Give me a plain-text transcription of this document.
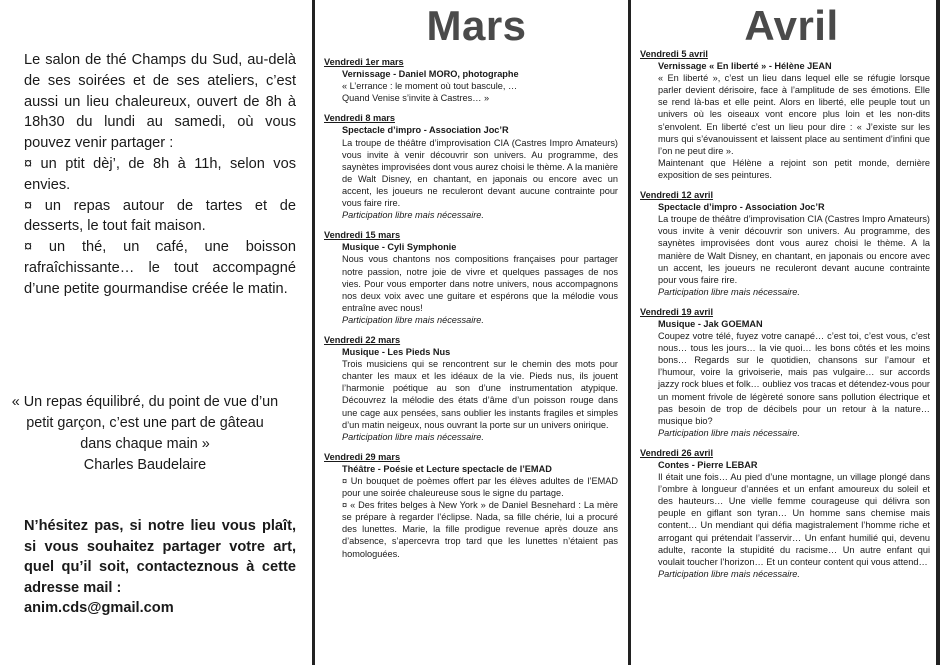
Le salon de thé Champs du Sud, au-delà de ses soirées et de ses ateliers, c’est aussi un lieu chaleureux, ouvert de 8h à 18h30 du lundi au samedi, où vous pouvez venir partager :

¤ un ptit dèj’, de 8h à 11h, selon vos envies.

¤ un repas autour de tartes et de desserts, le tout fait maison.

¤ un thé, un café, une boisson rafraîchissante… le tout accompagné d’une petite gourmandise créée le matin.

« Un repas équilibré, du point de vue d’un petit garçon, c’est une part de gâteau dans chaque main »
Charles Baudelaire
N’hésitez pas, si notre lieu vous plaît, si vous souhaitez partager votre art, quel qu’il soit, contacteznous à cette adresse mail :
anim.cds@gmail.com
Mars
Vendredi 1er mars
Vernissage - Daniel MORO, photographe

« L’errance : le moment où tout bascule, …

Quand Venise s’invite à Castres… »

Vendredi 8 mars
Spectacle d’impro - Association Joc’R

La troupe de théâtre d’improvisation CIA (Castres Impro Amateurs) vous invite à venir découvrir son univers. Au programme, des saynètes improvisées dont vous aurez choisi le thème. A la manière de Walt Disney, en chantant, en japonais ou encore avec un accent, les joueurs ne reculeront devant aucune contrainte pour vous faire rire.

Participation libre mais nécessaire.
Vendredi 15 mars
Musique - Cyli Symphonie

Nous vous chantons nos compositions françaises pour partager notre passion, notre joie de vivre et quelques passages de nos vies. Pour vous emporter dans notre univers, nous accompagnons nos deux voix avec une guitare et espérons que la mélodie vous entraîne avec nous!

Participation libre mais nécessaire.
Vendredi 22 mars
Musique - Les Pieds Nus

Trois musiciens qui se rencontrent sur le chemin des mots pour chanter les maux et les idéaux de la vie. Pieds nus, ils jouent l’harmonie poétique au son d’une instrumentation atypique. Découvrez la mélodie des états d’âme d’un poisson rouge dans une cage aux pensées, sans oublier les instants fragiles et simples d’un matin neigeux, nous ouvrant la porte sur un univers onirique.

Participation libre mais nécessaire.
Vendredi 29 mars
Théâtre - Poésie et Lecture spectacle de l’EMAD

¤ Un bouquet de poèmes offert par les élèves adultes de l’EMAD pour une soirée chaleureuse sous le signe du partage.

¤ « Des frites belges à New York » de Daniel Besnehard : La mère se prépare à regarder l’éclipse. Nada, sa fille chérie, lui a procuré des lunettes. Marie, la fille prodigue revenue après douze ans d’absence, s’apercevra trop tard que les lunettes n’étaient pas homologuées.

Avril
Vendredi 5 avril
Vernissage « En liberté » - Hélène JEAN

« En liberté », c’est un lieu dans lequel elle se réfugie lorsque parler devient dérisoire, face à l’amplitude de ses émotions. Elle se rend là-bas et elle peint. Alors en liberté, elle peuple tout un univers où les oiseaux vont encore plus loin et les non-dits s’envolent. En liberté c’est un lieu pour dire : « J’existe sur les murs qui s’évanouissent et laissent place au sentiment d’infini que l’on ne peut dire ».

Maintenant que Hélène a rejoint son petit monde, dernière exposition de ses peintures.

Vendredi 12 avril
Spectacle d’impro - Association Joc’R

La troupe de théâtre d’improvisation CIA (Castres Impro Amateurs) vous invite à venir découvrir son univers. Au programme, des saynètes improvisées dont vous aurez choisi le thème. A la manière de Walt Disney, en chantant, en japonais ou encore avec un accent, les joueurs ne reculeront devant aucune contrainte pour vous faire rire.

Participation libre mais nécessaire.
Vendredi 19 avril
Musique - Jak GOEMAN

Coupez votre télé, fuyez votre canapé… c’est toi, c’est vous, c’est nous… tous les jours… la vie quoi… les bons côtés et les moins bons… Regards sur le quotidien, chansons sur l’amour et l’humour, voire la grivoiserie, mais pas vulgaire… sur accords jazzy rock blues et folk… oubliez vos tracas et détendez-vous pour un moment frivole de légèreté sonore sans pollution électrique et pas besoin de trop de décibels pour un retour à la nature… musique bio?

Participation libre mais nécessaire.
Vendredi 26 avril
Contes - Pierre LEBAR

Il était une fois… Au pied d’une montagne, un village plongé dans l’ombre à longueur d’années et un enfant amoureux du soleil et des hauteurs… Une vielle femme courageuse qui délivra son peuple en giflant son tyran… Un homme sans chemise mais content… Un mendiant qui défia magistralement l’homme riche et arrogant qui prétendait l’asservir… Un enfant humilié qui, devenu adulte, raconte la stupidité du racisme… Un autre enfant qui voulait toucher l’horizon… Et un conteur content qui vous attend…

Participation libre mais nécessaire.
